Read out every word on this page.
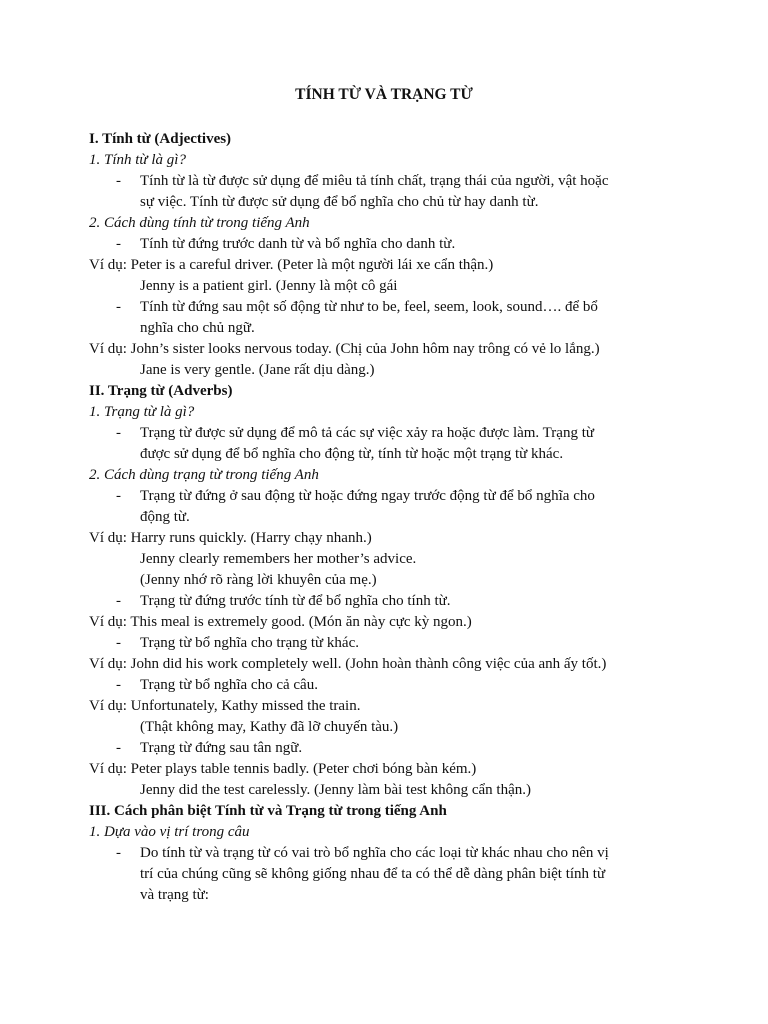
TÍNH TỪ VÀ TRẠNG TỪ
I. Tính từ (Adjectives)
1. Tính từ là gì?
- Tính từ là từ được sử dụng để miêu tả tính chất, trạng thái của người, vật hoặc
sự việc. Tính từ được sử dụng để bổ nghĩa cho chủ từ hay danh từ.
2. Cách dùng tính từ trong tiếng Anh
- Tính từ đứng trước danh từ và bổ nghĩa cho danh từ.
Ví dụ: Peter is a careful driver. (Peter là một người lái xe cẩn thận.)
Jenny is a patient girl. (Jenny là một cô gái
- Tính từ đứng sau một số động từ như to be, feel, seem, look, sound…. để bổ
nghĩa cho chủ ngữ.
Ví dụ: John’s sister looks nervous today. (Chị của John hôm nay trông có vẻ lo lắng.)
Jane is very gentle. (Jane rất dịu dàng.)
II. Trạng từ (Adverbs)
1. Trạng từ là gì?
- Trạng từ được sử dụng để mô tả các sự việc xảy ra hoặc được làm. Trạng từ
được sử dụng để bổ nghĩa cho động từ, tính từ hoặc một trạng từ khác.
2. Cách dùng trạng từ trong tiếng Anh
- Trạng từ đứng ở sau động từ hoặc đứng ngay trước động từ để bổ nghĩa cho
động từ.
Ví dụ: Harry runs quickly. (Harry chạy nhanh.)
Jenny clearly remembers her mother’s advice.
(Jenny nhớ rõ ràng lời khuyên của mẹ.)
- Trạng từ đứng trước tính từ để bổ nghĩa cho tính từ.
Ví dụ: This meal is extremely good. (Món ăn này cực kỳ ngon.)
- Trạng từ bổ nghĩa cho trạng từ khác.
Ví dụ: John did his work completely well. (John hoàn thành công việc của anh ấy tốt.)
- Trạng từ bổ nghĩa cho cả câu.
Ví dụ: Unfortunately, Kathy missed the train.
(Thật không may, Kathy đã lỡ chuyến tàu.)
- Trạng từ đứng sau tân ngữ.
Ví dụ: Peter plays table tennis badly. (Peter chơi bóng bàn kém.)
Jenny did the test carelessly. (Jenny làm bài test không cẩn thận.)
III. Cách phân biệt Tính từ và Trạng từ trong tiếng Anh
1. Dựa vào vị trí trong câu
- Do tính từ và trạng từ có vai trò bổ nghĩa cho các loại từ khác nhau cho nên vị
trí của chúng cũng sẽ không giống nhau để ta có thể dễ dàng phân biệt tính từ
và trạng từ:
